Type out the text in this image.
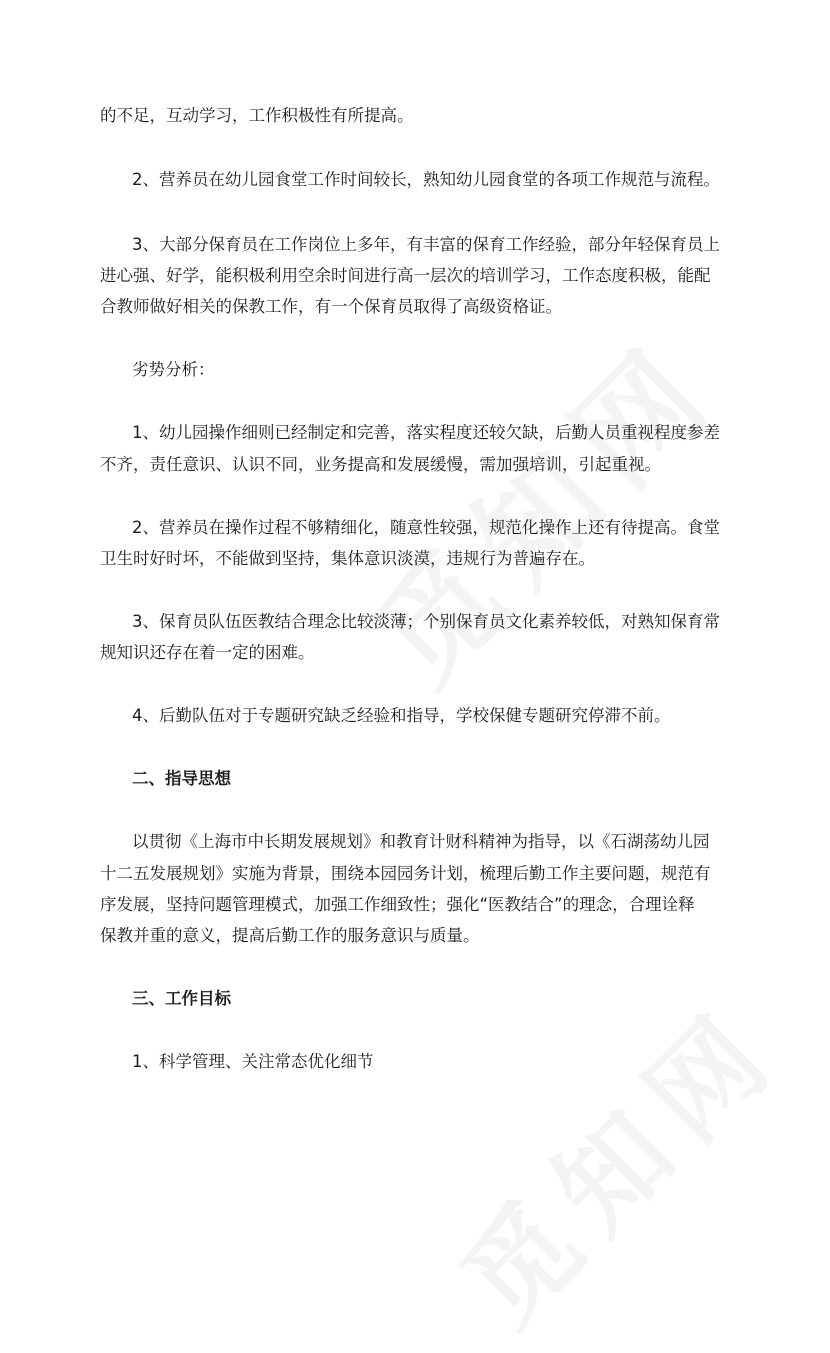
的不足，互动学习，工作积极性有所提高。

2、营养员在幼儿园食堂工作时间较长，熟知幼儿园食堂的各项工作规范与流程。

3、大部分保育员在工作岗位上多年，有丰富的保育工作经验，部分年轻保育员上

进心强、好学，能积极利用空余时间进行高一层次的培训学习，工作态度积极，能配

合教师做好相关的保教工作，有一个保育员取得了高级资格证。

劣势分析：

1、幼儿园操作细则已经制定和完善，落实程度还较欠缺，后勤人员重视程度参差

不齐，责任意识、认识不同，业务提高和发展缓慢，需加强培训，引起重视。

2、营养员在操作过程不够精细化，随意性较强，规范化操作上还有待提高。食堂

卫生时好时坏，不能做到坚持，集体意识淡漠，违规行为普遍存在。

3、保育员队伍医教结合理念比较淡薄；个别保育员文化素养较低，对熟知保育常

规知识还存在着一定的困难。

4、后勤队伍对于专题研究缺乏经验和指导，学校保健专题研究停滞不前。

二、指导思想

以贯彻《上海市中长期发展规划》和教育计财科精神为指导，以《石湖荡幼儿园

十二五发展规划》实施为背景，围绕本园园务计划，梳理后勤工作主要问题，规范有

序发展，坚持问题管理模式，加强工作细致性；强化“医教结合”的理念，合理诠释

保教并重的意义，提高后勤工作的服务意识与质量。

三、工作目标

1、科学管理、关注常态优化细节
